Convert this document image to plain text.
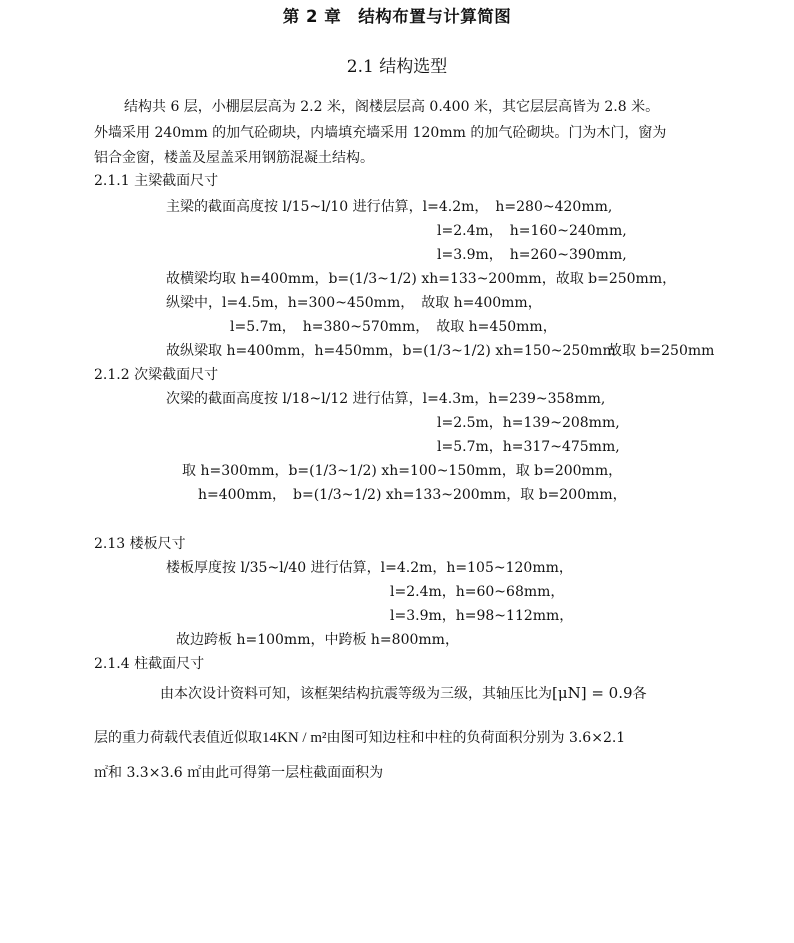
第 2 章　结构布置与计算简图
2.1 结构选型
结构共 6 层，小棚层层高为 2.2 米，阁楼层层高 0.400 米，其它层层高皆为 2.8 米。
外墙采用 240mm 的加气砼砌块，内墙填充墙采用 120mm 的加气砼砌块。门为木门，窗为
铝合金窗，楼盖及屋盖采用钢筋混凝土结构。
2.1.1 主梁截面尺寸
主梁的截面高度按 l/15~l/10 进行估算，l=4.2m，　h=280~420mm,
l=2.4m，　h=160~240mm,
l=3.9m，　h=260~390mm,
故横梁均取 h=400mm，b=(1/3~1/2) xh=133~200mm，故取 b=250mm，
纵梁中，l=4.5m，h=300~450mm，　故取 h=400mm，
l=5.7m，　h=380~570mm，　故取 h=450mm，
故纵梁取 h=400mm，h=450mm，b=(1/3~1/2) xh=150~250mm
故取 b=250mm
2.1.2 次梁截面尺寸
次梁的截面高度按 l/18~l/12 进行估算，l=4.3m，h=239~358mm,
l=2.5m，h=139~208mm,
l=5.7m，h=317~475mm,
取 h=300mm，b=(1/3~1/2) xh=100~150mm，取 b=200mm，
h=400mm，　b=(1/3~1/2) xh=133~200mm，取 b=200mm，
2.13 楼板尺寸
楼板厚度按 l/35~l/40 进行估算，l=4.2m，h=105~120mm，
l=2.4m，h=60~68mm，
l=3.9m，h=98~112mm，
故边跨板 h=100mm，中跨板 h=800mm，
2.1.4 柱截面尺寸
由本次设计资料可知，该框架结构抗震等级为三级，其轴压比为[μN] = 0.9各
层的重力荷载代表值近似取14KN / m²由图可知边柱和中柱的负荷面积分别为 3.6×2.1
㎡和 3.3×3.6 ㎡由此可得第一层柱截面面积为
